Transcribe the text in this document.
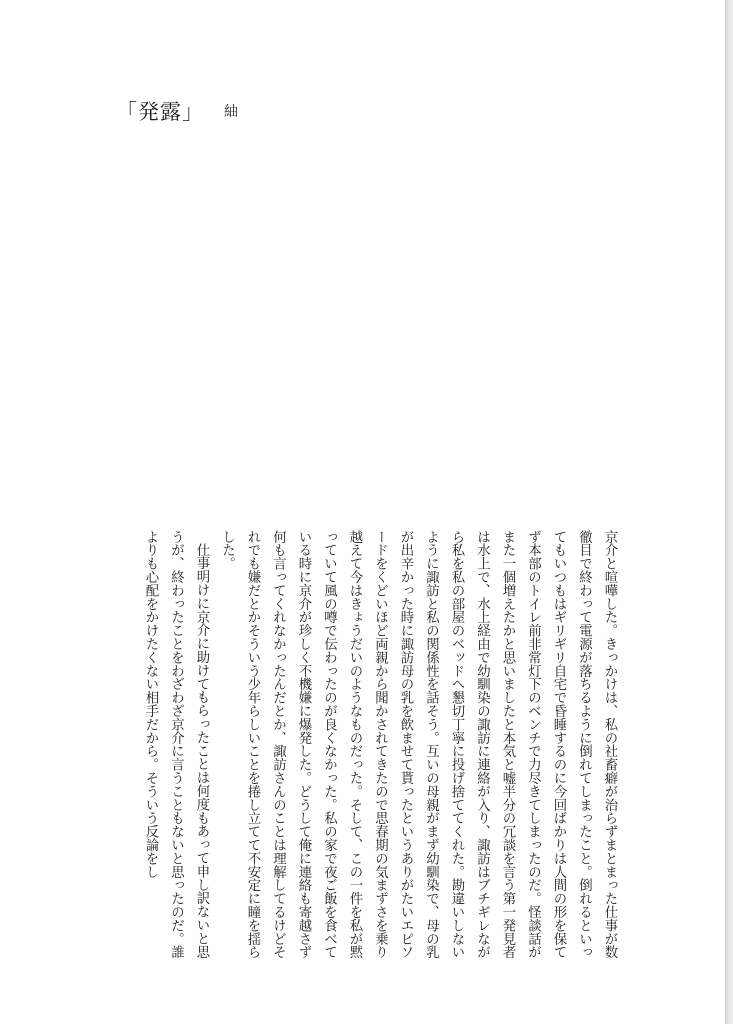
「発露」 紬

京介と喧嘩した。きっかけは、私の社畜癖が治らずまとまった仕事が数徹目で終わって電源が落ちるように倒れてしまったこと。倒れるといってもいつもはギリギリ自宅で昏睡するのに今回ばかりは人間の形を保てず本部のトイレ前非常灯下のベンチで力尽きてしまったのだ。怪談話がまた一個増えたかと思いましたと本気と嘘半分の冗談を言う第一発見者は水上で、水上経由で幼馴染の諏訪に連絡が入り、諏訪はブチギレながら私を私の部屋のベッドへ懇切丁寧に投げ捨ててくれた。勘違いしないように諏訪と私の関係性を話そう。互いの母親がまず幼馴染で、母の乳が出辛かった時に諏訪母の乳を飲ませて貰ったというありがたいエピソードをくどいほど両親から聞かされてきたので思春期の気まずさを乗り越えて今はきょうだいのようなものだった。そして、この一件を私が黙っていて風の噂で伝わったのが良くなかった。私の家で夜ご飯を食べている時に京介が珍しく不機嫌に爆発した。どうして俺に連絡も寄越さず何も言ってくれなかったんだとか、諏訪さんのことは理解してるけどそれでも嫌だとかそういう少年らしいことを捲し立てて不安定に瞳を揺らした。

仕事明けに京介に助けてもらったことは何度もあって申し訳ないと思うが、終わったことをわざわざ京介に言うこともないと思ったのだ。誰よりも心配をかけたくない相手だから。そういう反論をし
